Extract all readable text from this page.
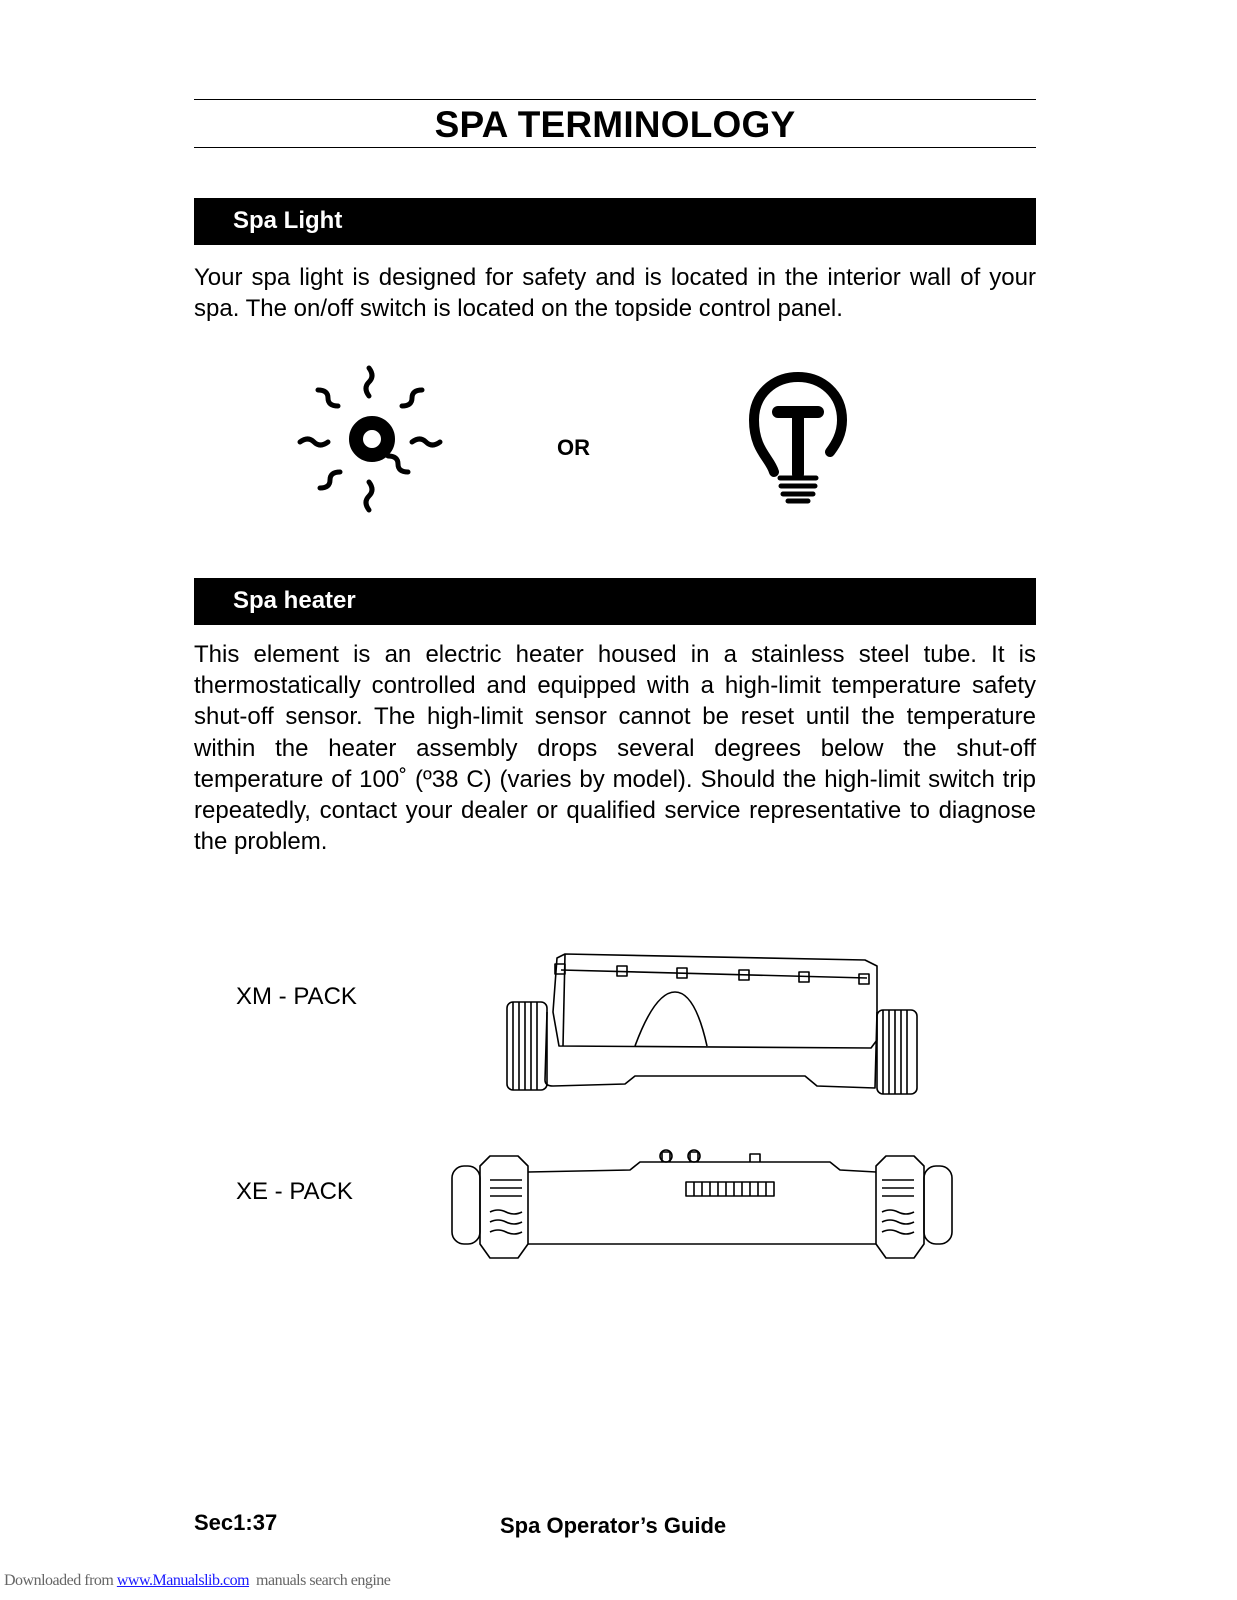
SPA TERMINOLOGY
Spa Light

Your spa light is designed for safety and is located in the interior wall of your spa. The on/off switch is located on the topside control panel.

OR
Spa heater

This element is an electric heater housed in a stainless steel tube. It is thermostatically controlled and equipped with a high-limit temperature safety shut-off sensor. The high-limit sensor cannot be reset until the temperature within the heater assembly drops several degrees below the shut-off temperature of 100˚ (º38 C) (varies by model). Should the high-limit switch trip repeatedly, contact your dealer or qualified service representative to diagnose the problem.

XM - PACK
XE - PACK
Sec1:37	Spa Operator’s Guide
Downloaded from www.Manualslib.com  manuals search engine
